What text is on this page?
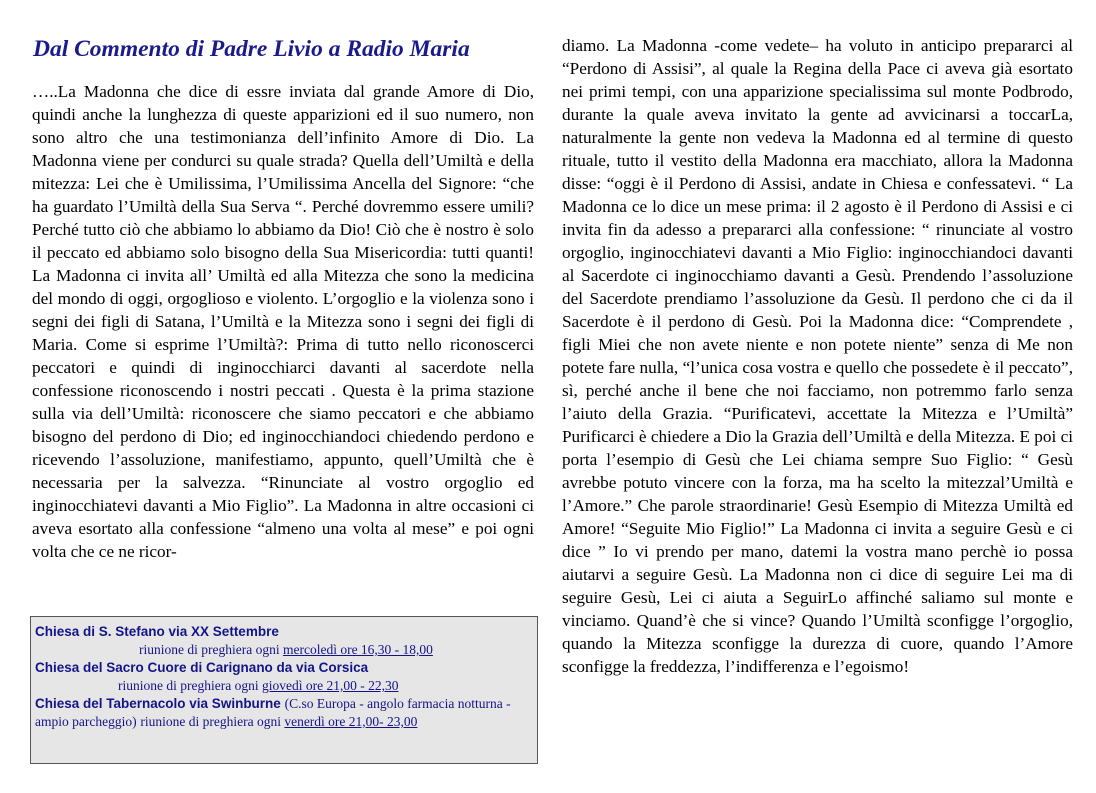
Dal Commento di Padre Livio a Radio Maria

…..La Madonna che dice di essre inviata dal grande Amore di Dio, quindi anche la lunghezza di queste apparizioni ed il suo numero, non sono altro che una testimonianza dell’infinito Amore di Dio. La Madonna viene per condurci su quale strada? Quella dell’Umiltà e della mitezza: Lei che è Umilissima, l’Umilissima Ancella del Signore: “che ha guardato l’Umiltà della Sua Serva “. Perché dovremmo essere umili? Perché tutto ciò che abbiamo lo abbiamo da Dio! Ciò che è nostro è solo il peccato ed abbiamo solo bisogno della Sua Misericordia: tutti quanti! La Madonna ci invita all’ Umiltà ed alla Mitezza che sono la medicina del mondo di oggi, orgoglioso e violento. L’orgoglio e la violenza sono i segni dei figli di Satana, l’Umiltà e la Mitezza sono i segni dei figli di Maria. Come si esprime l’Umiltà?: Prima di tutto nello riconoscerci peccatori e quindi di inginocchiarci davanti al sacerdote nella confessione riconoscendo i nostri peccati . Questa è la prima stazione sulla via dell’Umiltà: riconoscere che siamo peccatori e che abbiamo bisogno del perdono di Dio; ed inginocchiandoci chiedendo perdono e ricevendo l’assoluzione, manifestiamo, appunto, quell’Umiltà che è necessaria per la salvezza. “Rinunciate al vostro orgoglio ed inginocchiatevi davanti a Mio Figlio”. La Madonna in altre occasioni ci aveva esortato alla confessione “almeno una volta al mese” e poi ogni volta che ce ne ricor-

diamo. La Madonna -come vedete– ha voluto in anticipo prepararci al “Perdono di Assisi”, al quale la Regina della Pace ci aveva già esortato nei primi tempi, con una apparizione specialissima sul monte Podbrodo, durante la quale aveva invitato la gente ad avvicinarsi a toccarLa, naturalmente la gente non vedeva la Madonna ed al termine di questo rituale, tutto il vestito della Madonna era macchiato, allora la Madonna disse: “oggi è il Perdono di Assisi, andate in Chiesa e confessatevi. “ La Madonna ce lo dice un mese prima: il 2 agosto è il Perdono di Assisi e ci invita fin da adesso a prepararci alla confessione: “ rinunciate al vostro orgoglio, inginocchiatevi davanti a Mio Figlio: inginocchiandoci davanti al Sacerdote ci inginocchiamo davanti a Gesù. Prendendo l’assoluzione del Sacerdote prendiamo l’assoluzione da Gesù. Il perdono che ci da il Sacerdote è il perdono di Gesù. Poi la Madonna dice: “Comprendete , figli Miei che non avete niente e non potete niente” senza di Me non potete fare nulla, “l’unica cosa vostra e quello che possedete è il peccato”, sì, perché anche il bene che noi facciamo, non potremmo farlo senza l’aiuto della Grazia. “Purificatevi, accettate la Mitezza e l’Umiltà” Purificarci è chiedere a Dio la Grazia dell’Umiltà e della Mitezza. E poi ci porta l’esempio di Gesù che Lei chiama sempre Suo Figlio: “ Gesù avrebbe potuto vincere con la forza, ma ha scelto la mitezzal’Umiltà e l’Amore.” Che parole straordinarie! Gesù Esempio di Mitezza Umiltà ed Amore! “Seguite Mio Figlio!” La Madonna ci invita a seguire Gesù e ci dice ” Io vi prendo per mano, datemi la vostra mano perchè io possa aiutarvi a seguire Gesù. La Madonna non ci dice di seguire Lei ma di seguire Gesù, Lei ci aiuta a SeguirLo affinché saliamo sul monte e vinciamo. Quand’è che si vince? Quando l’Umiltà sconfigge l’orgoglio, quando la Mitezza sconfigge la durezza di cuore, quando l’Amore sconfigge la freddezza, l’indifferenza e l’egoismo!

Chiesa di S. Stefano via XX Settembre
riunione di preghiera ogni mercoledì ore 16,30 - 18,00
Chiesa del Sacro Cuore di Carignano da via Corsica
riunione di preghiera ogni giovedì ore 21,00 - 22,30
Chiesa del Tabernacolo via Swinburne (C.so Europa - angolo farmacia notturna - ampio parcheggio) riunione di preghiera ogni venerdì ore 21,00- 23,00
